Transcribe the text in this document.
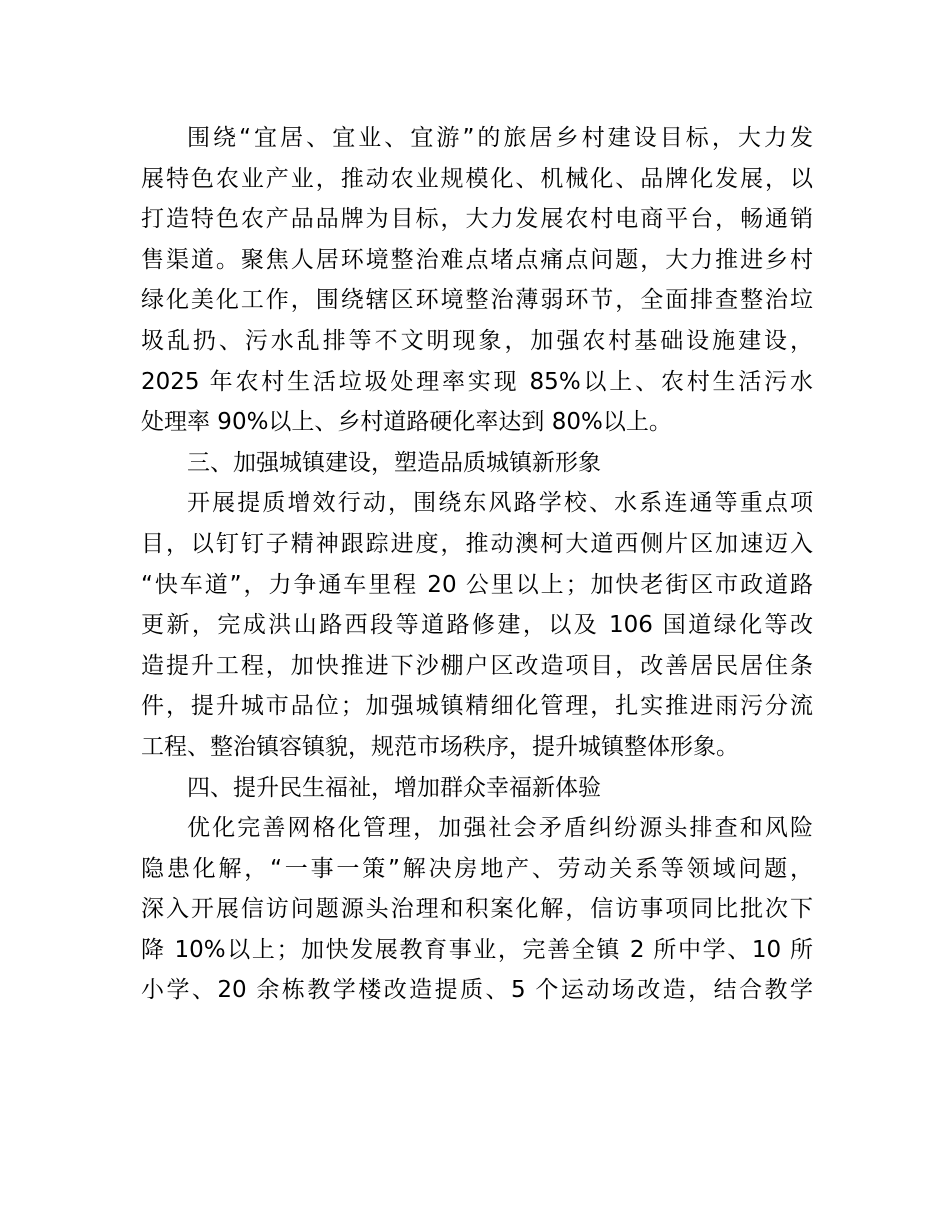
围绕“宜居、宜业、宜游”的旅居乡村建设目标，大力发
展特色农业产业，推动农业规模化、机械化、品牌化发展，以
打造特色农产品品牌为目标，大力发展农村电商平台，畅通销
售渠道。聚焦人居环境整治难点堵点痛点问题，大力推进乡村
绿化美化工作，围绕辖区环境整治薄弱环节，全面排查整治垃
圾乱扔、污水乱排等不文明现象，加强农村基础设施建设，
2025 年农村生活垃圾处理率实现 85%以上、农村生活污水
处理率 90%以上、乡村道路硬化率达到 80%以上。
三、加强城镇建设，塑造品质城镇新形象
开展提质增效行动，围绕东风路学校、水系连通等重点项
目，以钉钉子精神跟踪进度，推动澳柯大道西侧片区加速迈入
“快车道”，力争通车里程 20 公里以上；加快老街区市政道路
更新，完成洪山路西段等道路修建，以及 106 国道绿化等改
造提升工程，加快推进下沙棚户区改造项目，改善居民居住条
件，提升城市品位；加强城镇精细化管理，扎实推进雨污分流
工程、整治镇容镇貌，规范市场秩序，提升城镇整体形象。
四、提升民生福祉，增加群众幸福新体验
优化完善网格化管理，加强社会矛盾纠纷源头排查和风险
隐患化解，“一事一策”解决房地产、劳动关系等领域问题，
深入开展信访问题源头治理和积案化解，信访事项同比批次下
降 10%以上；加快发展教育事业，完善全镇 2 所中学、10 所
小学、20 余栋教学楼改造提质、5 个运动场改造，结合教学
